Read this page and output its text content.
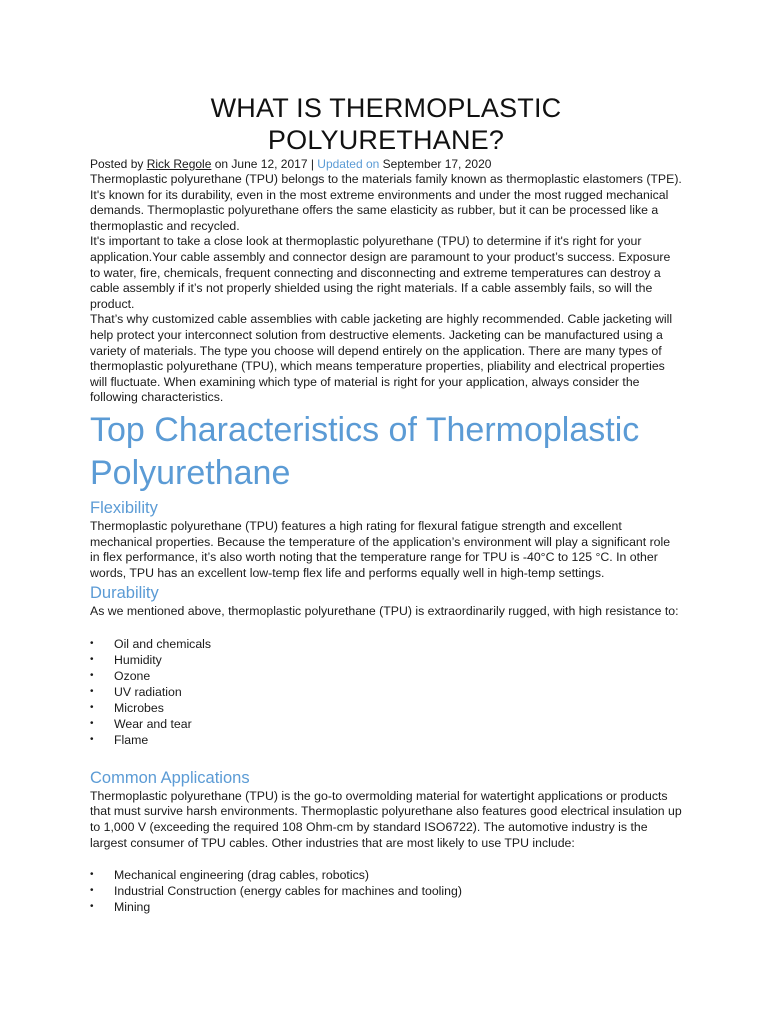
WHAT IS THERMOPLASTIC POLYURETHANE?
Posted by Rick Regole on June 12, 2017 | Updated on September 17, 2020

Thermoplastic polyurethane (TPU) belongs to the materials family known as thermoplastic elastomers (TPE). It's known for its durability, even in the most extreme environments and under the most rugged mechanical demands. Thermoplastic polyurethane offers the same elasticity as rubber, but it can be processed like a thermoplastic and recycled.

It's important to take a close look at thermoplastic polyurethane (TPU) to determine if it's right for your application.Your cable assembly and connector design are paramount to your product’s success. Exposure to water, fire, chemicals, frequent connecting and disconnecting and extreme temperatures can destroy a cable assembly if it’s not properly shielded using the right materials. If a cable assembly fails, so will the product.

That’s why customized cable assemblies with cable jacketing are highly recommended. Cable jacketing will help protect your interconnect solution from destructive elements. Jacketing can be manufactured using a variety of materials. The type you choose will depend entirely on the application. There are many types of thermoplastic polyurethane (TPU), which means temperature properties, pliability and electrical properties will fluctuate. When examining which type of material is right for your application, always consider the following characteristics.

Top Characteristics of Thermoplastic Polyurethane
Flexibility

Thermoplastic polyurethane (TPU) features a high rating for flexural fatigue strength and excellent mechanical properties. Because the temperature of the application’s environment will play a significant role in flex performance, it’s also worth noting that the temperature range for TPU is -40°C to 125 °C. In other words, TPU has an excellent low-temp flex life and performs equally well in high-temp settings.

Durability

As we mentioned above, thermoplastic polyurethane (TPU) is extraordinarily rugged, with high resistance to:

• Oil and chemicals
• Humidity
• Ozone
• UV radiation
• Microbes
• Wear and tear
• Flame
Common Applications

Thermoplastic polyurethane (TPU) is the go-to overmolding material for watertight applications or products that must survive harsh environments. Thermoplastic polyurethane also features good electrical insulation up to 1,000 V (exceeding the required 108 Ohm-cm by standard ISO6722). The automotive industry is the largest consumer of TPU cables. Other industries that are most likely to use TPU include:

• Mechanical engineering (drag cables, robotics)
• Industrial Construction (energy cables for machines and tooling)
• Mining
